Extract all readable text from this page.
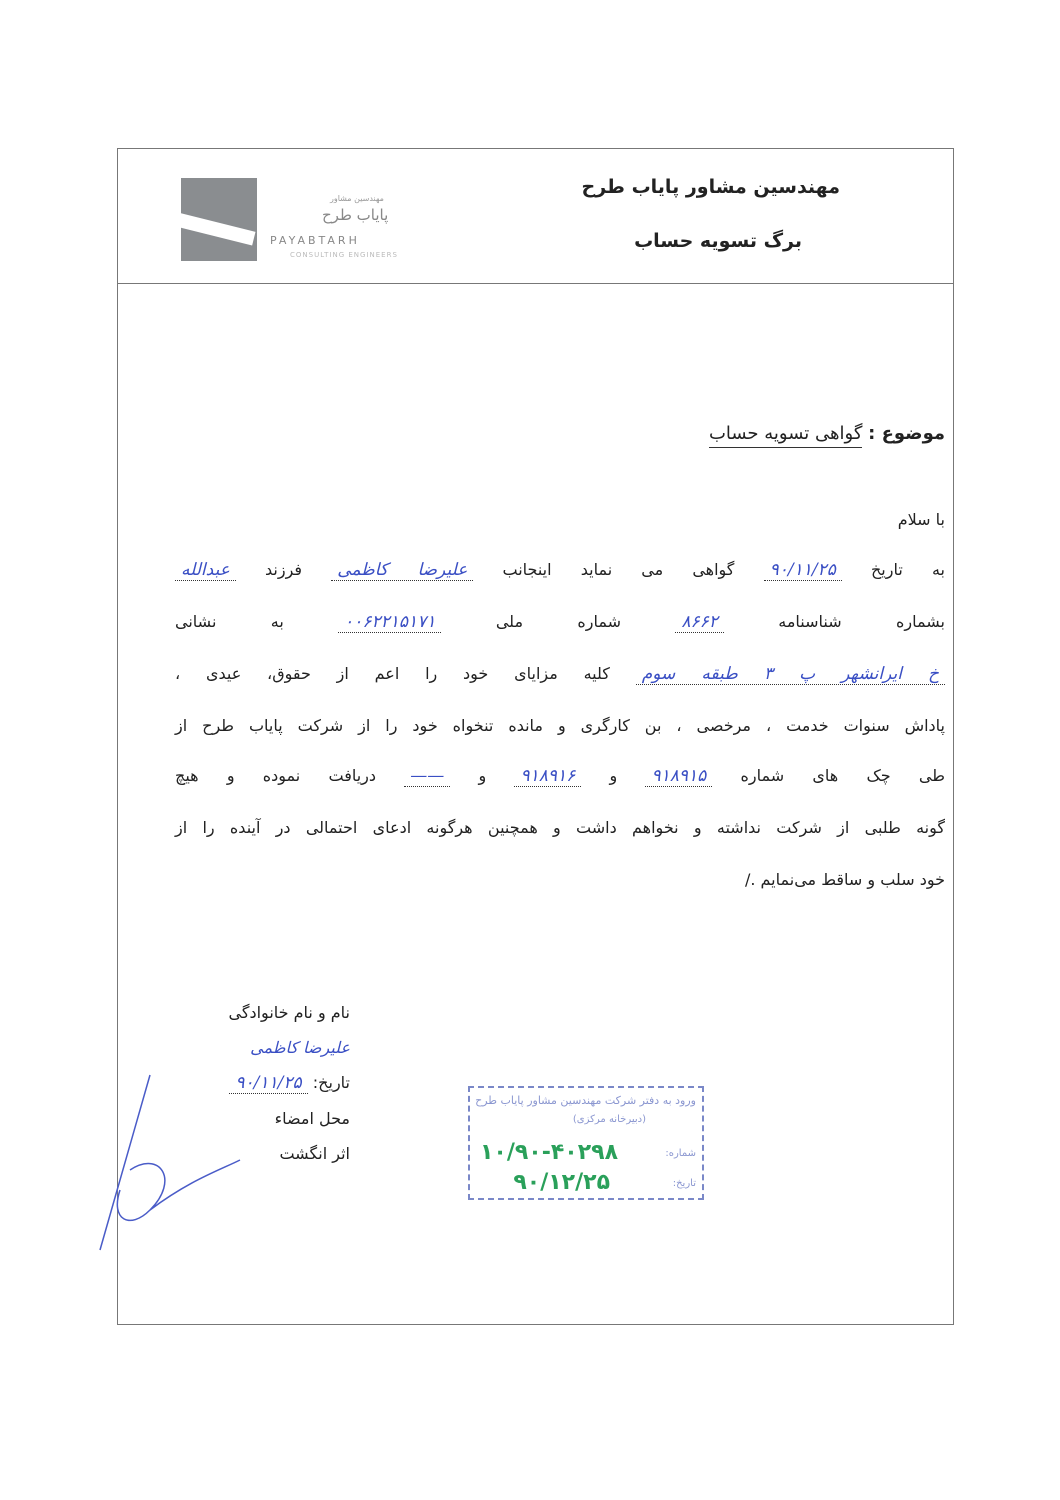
مهندسین مشاور
پایاب طرح
PAYABTARH
CONSULTING ENGINEERS
مهندسین مشاور پایاب طرح
برگ تسویه حساب
موضوع : گواهی تسویه حساب
با سلام
به تاریخ ۹۰/۱۱/۲۵ گواهی می نماید اینجانب علیرضا کاظمی فرزند عبدالله
بشماره شناسنامه ۸۶۶۲ شماره ملی ۰۰۶۲۲۱۵۱۷۱ به نشانی
خ ایرانشهر پ ۳ طبقه سوم کلیه مزایای خود را اعم از حقوق، عیدی ،
پاداش سنوات خدمت ، مرخصی ، بن کارگری و مانده تنخواه خود را از شرکت پایاب طرح از
طی چک های شماره ۹۱۸۹۱۵ و ۹۱۸۹۱۶ و —— دریافت نموده و هیچ
گونه طلبی از شرکت نداشته و نخواهم داشت و همچنین هرگونه ادعای احتمالی در آینده را از
خود سلب و ساقط می‌نمایم ./
نام و نام خانوادگی
علیرضا کاظمی
تاریخ: ۹۰/۱۱/۲۵
محل امضاء
اثر انگشت
ورود به دفتر شرکت مهندسین مشاور پایاب طرح
(دبیرخانه مرکزی)
شماره:
۱۰/۹۰-۴۰۲۹۸
تاریخ:
۹۰/۱۲/۲۵
